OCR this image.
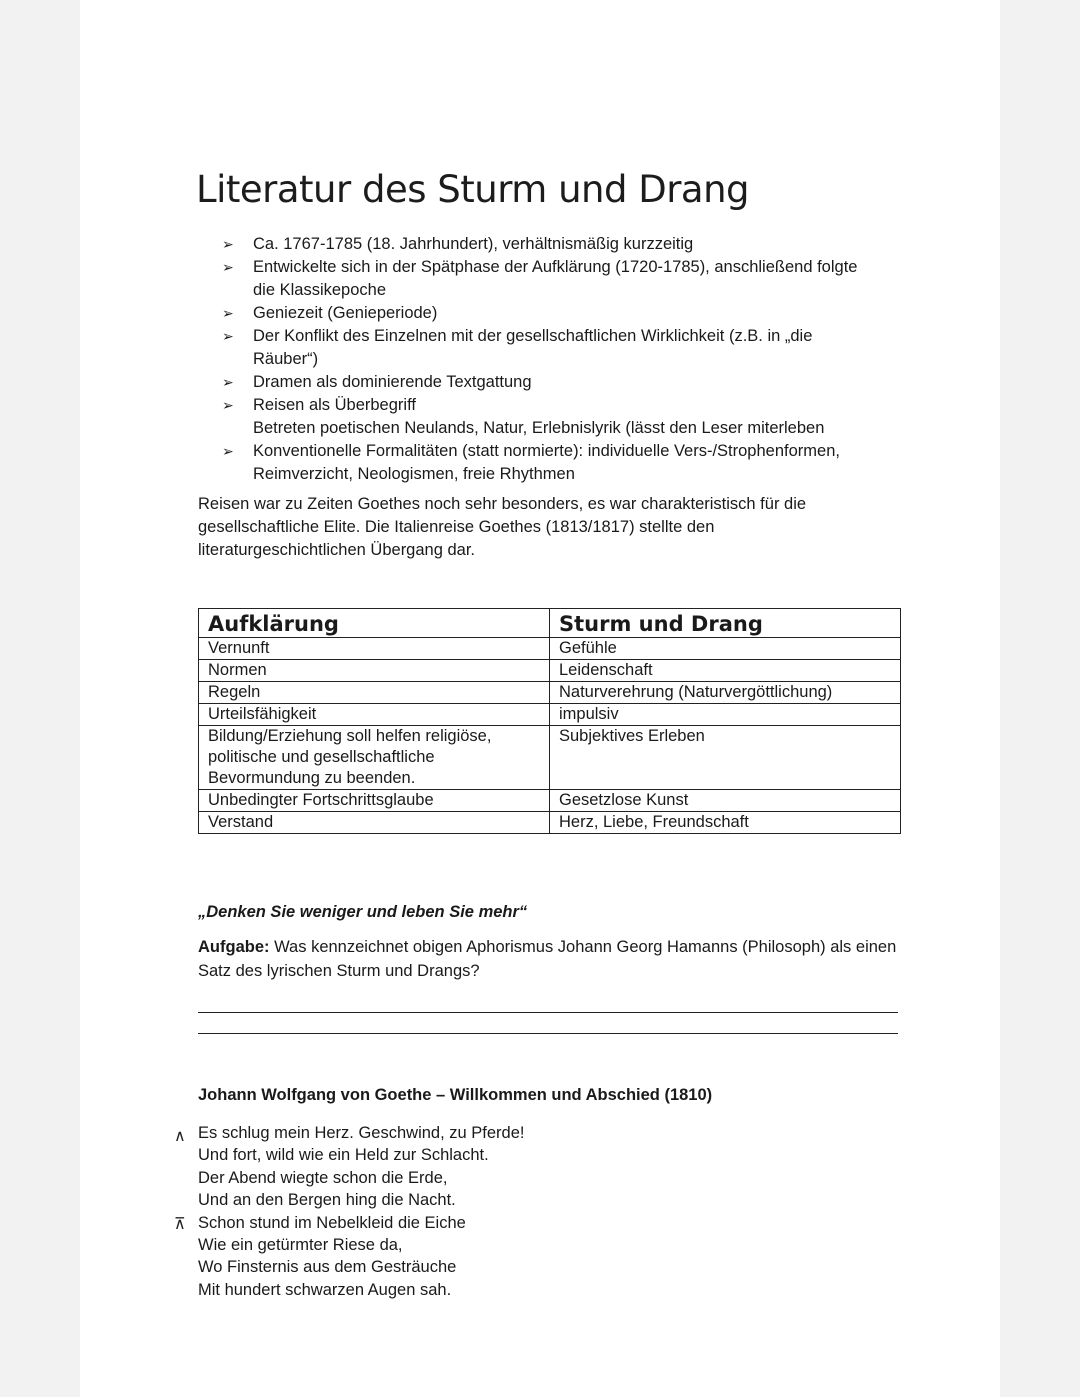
Literatur des Sturm und Drang
➢ Ca. 1767-1785 (18. Jahrhundert), verhältnismäßig kurzzeitig
➢ Entwickelte sich in der Spätphase der Aufklärung (1720-1785), anschließend folgte die Klassikepoche
➢ Geniezeit (Genieperiode)
➢ Der Konflikt des Einzelnen mit der gesellschaftlichen Wirklichkeit (z.B. in „die Räuber“)
➢ Dramen als dominierende Textgattung
➢ Reisen als Überbegriff
Betreten poetischen Neulands, Natur, Erlebnislyrik (lässt den Leser miterleben
➢ Konventionelle Formalitäten (statt normierte): individuelle Vers-/Strophenformen, Reimverzicht, Neologismen, freie Rhythmen
Reisen war zu Zeiten Goethes noch sehr besonders, es war charakteristisch für die gesellschaftliche Elite. Die Italienreise Goethes (1813/1817) stellte den literaturgeschichtlichen Übergang dar.
Aufklärung	Sturm und Drang
Vernunft	Gefühle
Normen	Leidenschaft
Regeln	Naturverehrung (Naturvergöttlichung)
Urteilsfähigkeit	impulsiv
Bildung/Erziehung soll helfen religiöse, politische und gesellschaftliche Bevormundung zu beenden.	Subjektives Erleben
Unbedingter Fortschrittsglaube	Gesetzlose Kunst
Verstand	Herz, Liebe, Freundschaft
„Denken Sie weniger und leben Sie mehr“
Aufgabe: Was kennzeichnet obigen Aphorismus Johann Georg Hamanns (Philosoph) als einen Satz des lyrischen Sturm und Drangs?
Johann Wolfgang von Goethe – Willkommen und Abschied (1810)
Es schlug mein Herz. Geschwind, zu Pferde!
Und fort, wild wie ein Held zur Schlacht.
Der Abend wiegte schon die Erde,
Und an den Bergen hing die Nacht.
Schon stund im Nebelkleid die Eiche
Wie ein getürmter Riese da,
Wo Finsternis aus dem Gesträuche
Mit hundert schwarzen Augen sah.
∧
⊼
